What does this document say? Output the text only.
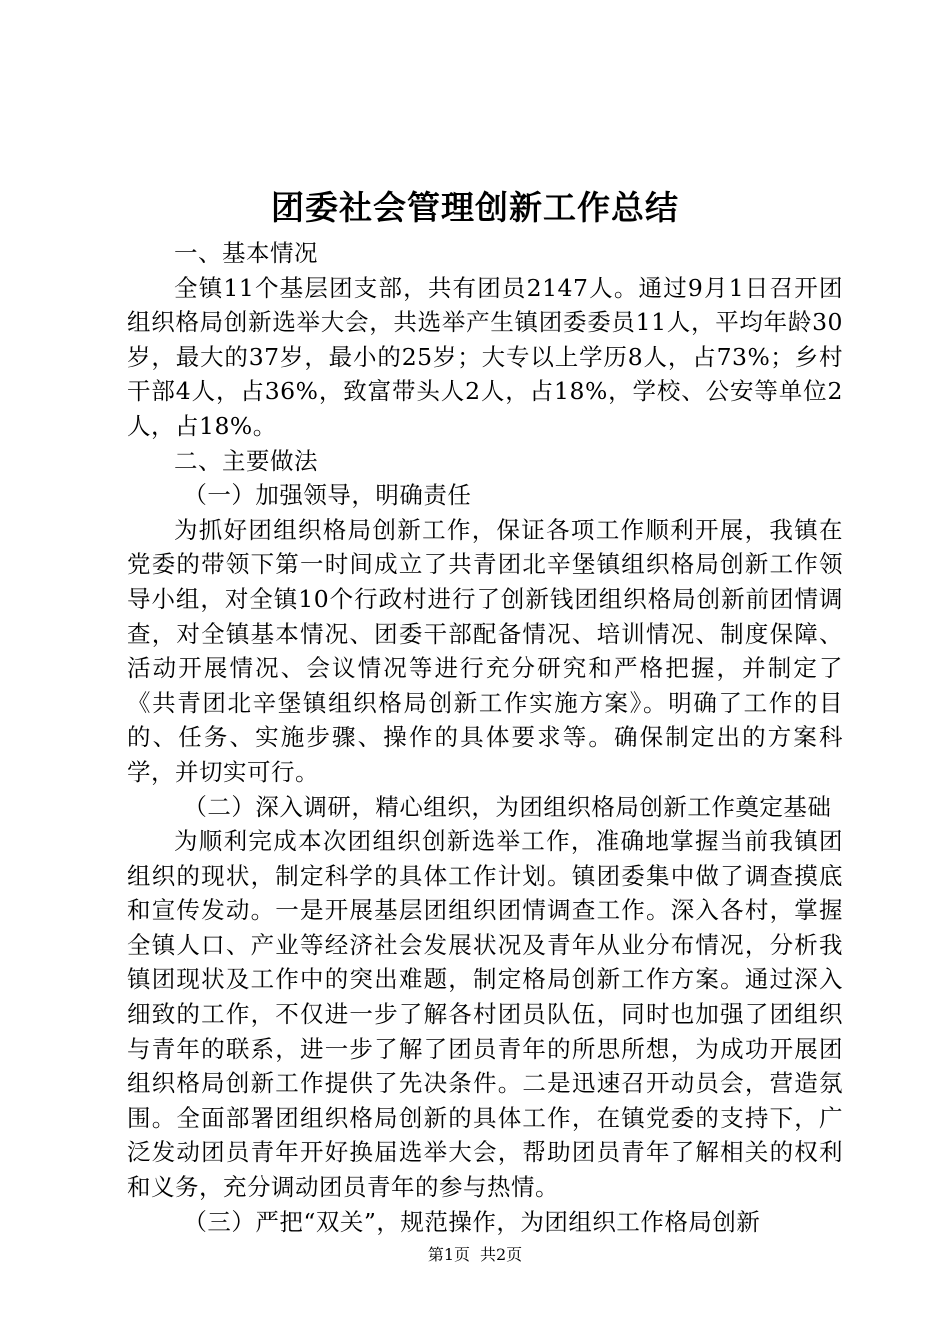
团委社会管理创新工作总结

一、基本情况

全镇11个基层团支部，共有团员2147人。通过9月1日召开团组织格局创新选举大会，共选举产生镇团委委员11人，平均年龄30岁，最大的37岁，最小的25岁；大专以上学历8人，占73%；乡村干部4人，占36%，致富带头人2人，占18%，学校、公安等单位2人，占18%。

二、主要做法

（一）加强领导，明确责任

为抓好团组织格局创新工作，保证各项工作顺利开展，我镇在党委的带领下第一时间成立了共青团北辛堡镇组织格局创新工作领导小组，对全镇10个行政村进行了创新钱团组织格局创新前团情调查，对全镇基本情况、团委干部配备情况、培训情况、制度保障、活动开展情况、会议情况等进行充分研究和严格把握，并制定了《共青团北辛堡镇组织格局创新工作实施方案》。明确了工作的目的、任务、实施步骤、操作的具体要求等。确保制定出的方案科学，并切实可行。

（二）深入调研，精心组织，为团组织格局创新工作奠定基础

为顺利完成本次团组织创新选举工作，准确地掌握当前我镇团组织的现状，制定科学的具体工作计划。镇团委集中做了调查摸底和宣传发动。一是开展基层团组织团情调查工作。深入各村，掌握全镇人口、产业等经济社会发展状况及青年从业分布情况，分析我镇团现状及工作中的突出难题，制定格局创新工作方案。通过深入细致的工作，不仅进一步了解各村团员队伍，同时也加强了团组织与青年的联系，进一步了解了团员青年的所思所想，为成功开展团组织格局创新工作提供了先决条件。二是迅速召开动员会，营造氛围。全面部署团组织格局创新的具体工作，在镇党委的支持下，广泛发动团员青年开好换届选举大会，帮助团员青年了解相关的权利和义务，充分调动团员青年的参与热情。

（三）严把“双关”，规范操作，为团组织工作格局创新

第1页 共2页
